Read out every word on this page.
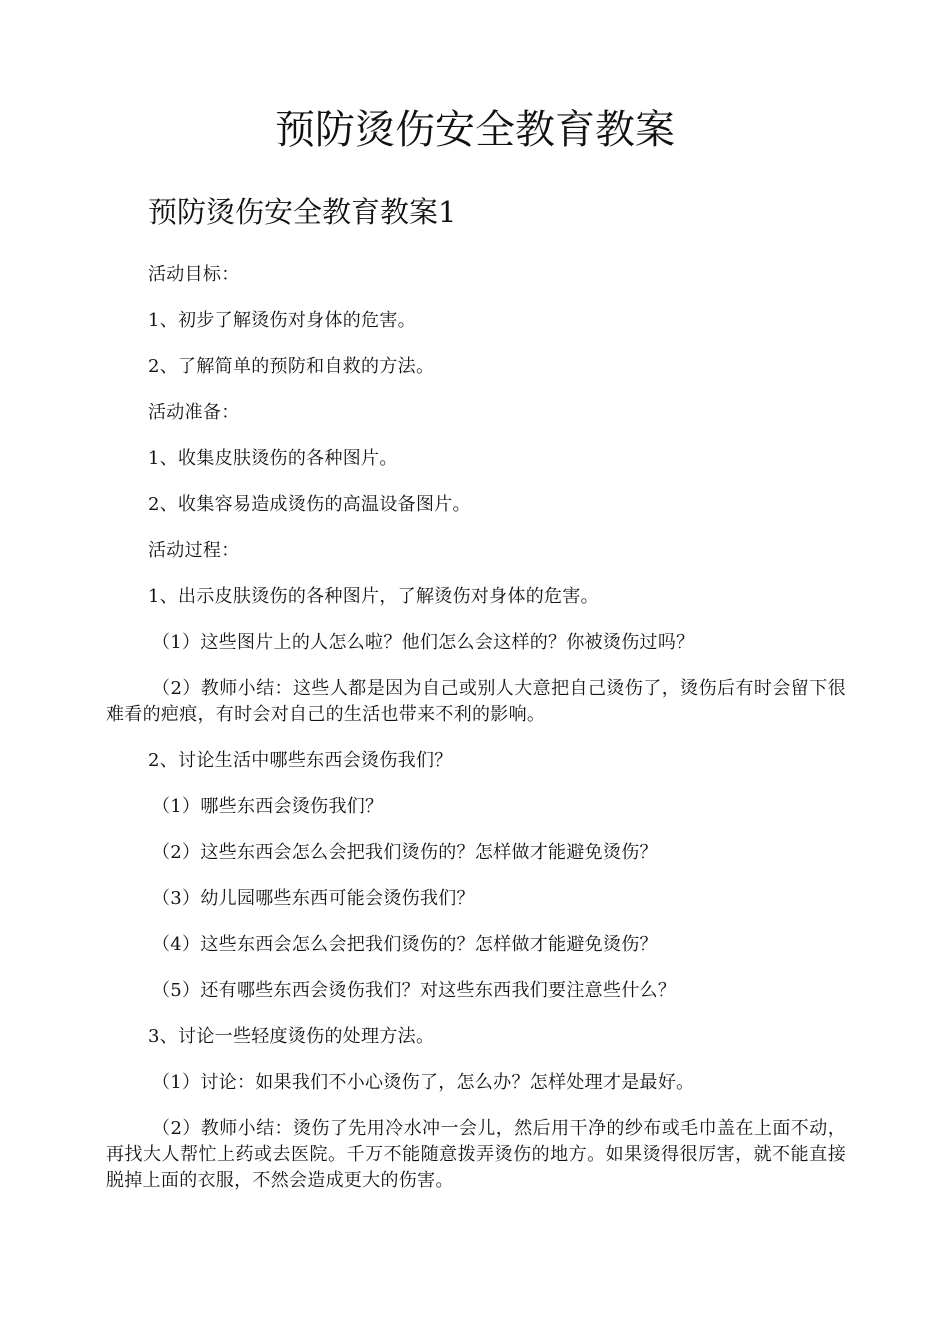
预防烫伤安全教育教案
预防烫伤安全教育教案1

活动目标：

1、初步了解烫伤对身体的危害。

2、了解简单的预防和自救的方法。

活动准备：

1、收集皮肤烫伤的各种图片。

2、收集容易造成烫伤的高温设备图片。

活动过程：

1、出示皮肤烫伤的各种图片，了解烫伤对身体的危害。

（1）这些图片上的人怎么啦？他们怎么会这样的？你被烫伤过吗？

（2）教师小结：这些人都是因为自己或别人大意把自己烫伤了，烫伤后有时会留下很难看的疤痕，有时会对自己的生活也带来不利的影响。

2、讨论生活中哪些东西会烫伤我们？

（1）哪些东西会烫伤我们？

（2）这些东西会怎么会把我们烫伤的？怎样做才能避免烫伤？

（3）幼儿园哪些东西可能会烫伤我们？

（4）这些东西会怎么会把我们烫伤的？怎样做才能避免烫伤？

（5）还有哪些东西会烫伤我们？对这些东西我们要注意些什么？

3、讨论一些轻度烫伤的处理方法。

（1）讨论：如果我们不小心烫伤了，怎么办？怎样处理才是最好。

（2）教师小结：烫伤了先用冷水冲一会儿，然后用干净的纱布或毛巾盖在上面不动，再找大人帮忙上药或去医院。千万不能随意拨弄烫伤的地方。如果烫得很厉害，就不能直接脱掉上面的衣服，不然会造成更大的伤害。
